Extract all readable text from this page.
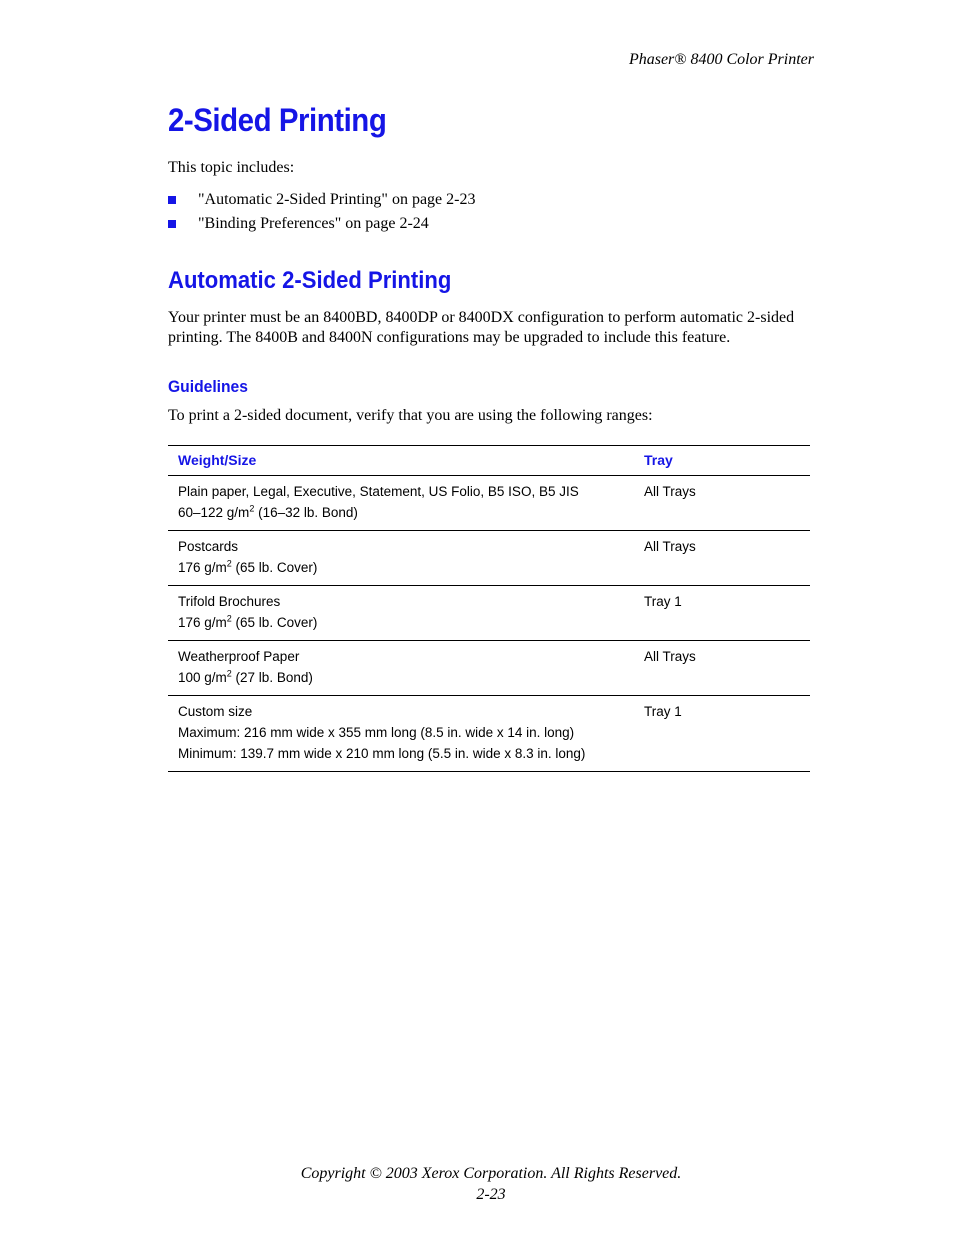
Phaser® 8400 Color Printer
2-Sided Printing

This topic includes:

"Automatic 2-Sided Printing" on page 2-23
"Binding Preferences" on page 2-24
Automatic 2-Sided Printing

Your printer must be an 8400BD, 8400DP or 8400DX configuration to perform automatic 2-sided printing. The 8400B and 8400N configurations may be upgraded to include this feature.

Guidelines

To print a 2-sided document, verify that you are using the following ranges:

Weight/Size	Tray

Plain paper, Legal, Executive, Statement, US Folio, B5 ISO, B5 JIS
60–122 $g/m^2$ (16–32 lb. Bond)	All Trays

Postcards
176 $g/m^2$ (65 lb. Cover)	All Trays

Trifold Brochures
176 $g/m^2$ (65 lb. Cover)	Tray 1

Weatherproof Paper
100 $g/m^2$ (27 lb. Bond)	All Trays

Custom size
Maximum: 216 mm wide x 355 mm long (8.5 in. wide x 14 in. long)
Minimum: 139.7 mm wide x 210 mm long (5.5 in. wide x 8.3 in. long)	Tray 1
Copyright © 2003 Xerox Corporation. All Rights Reserved.
2-23
